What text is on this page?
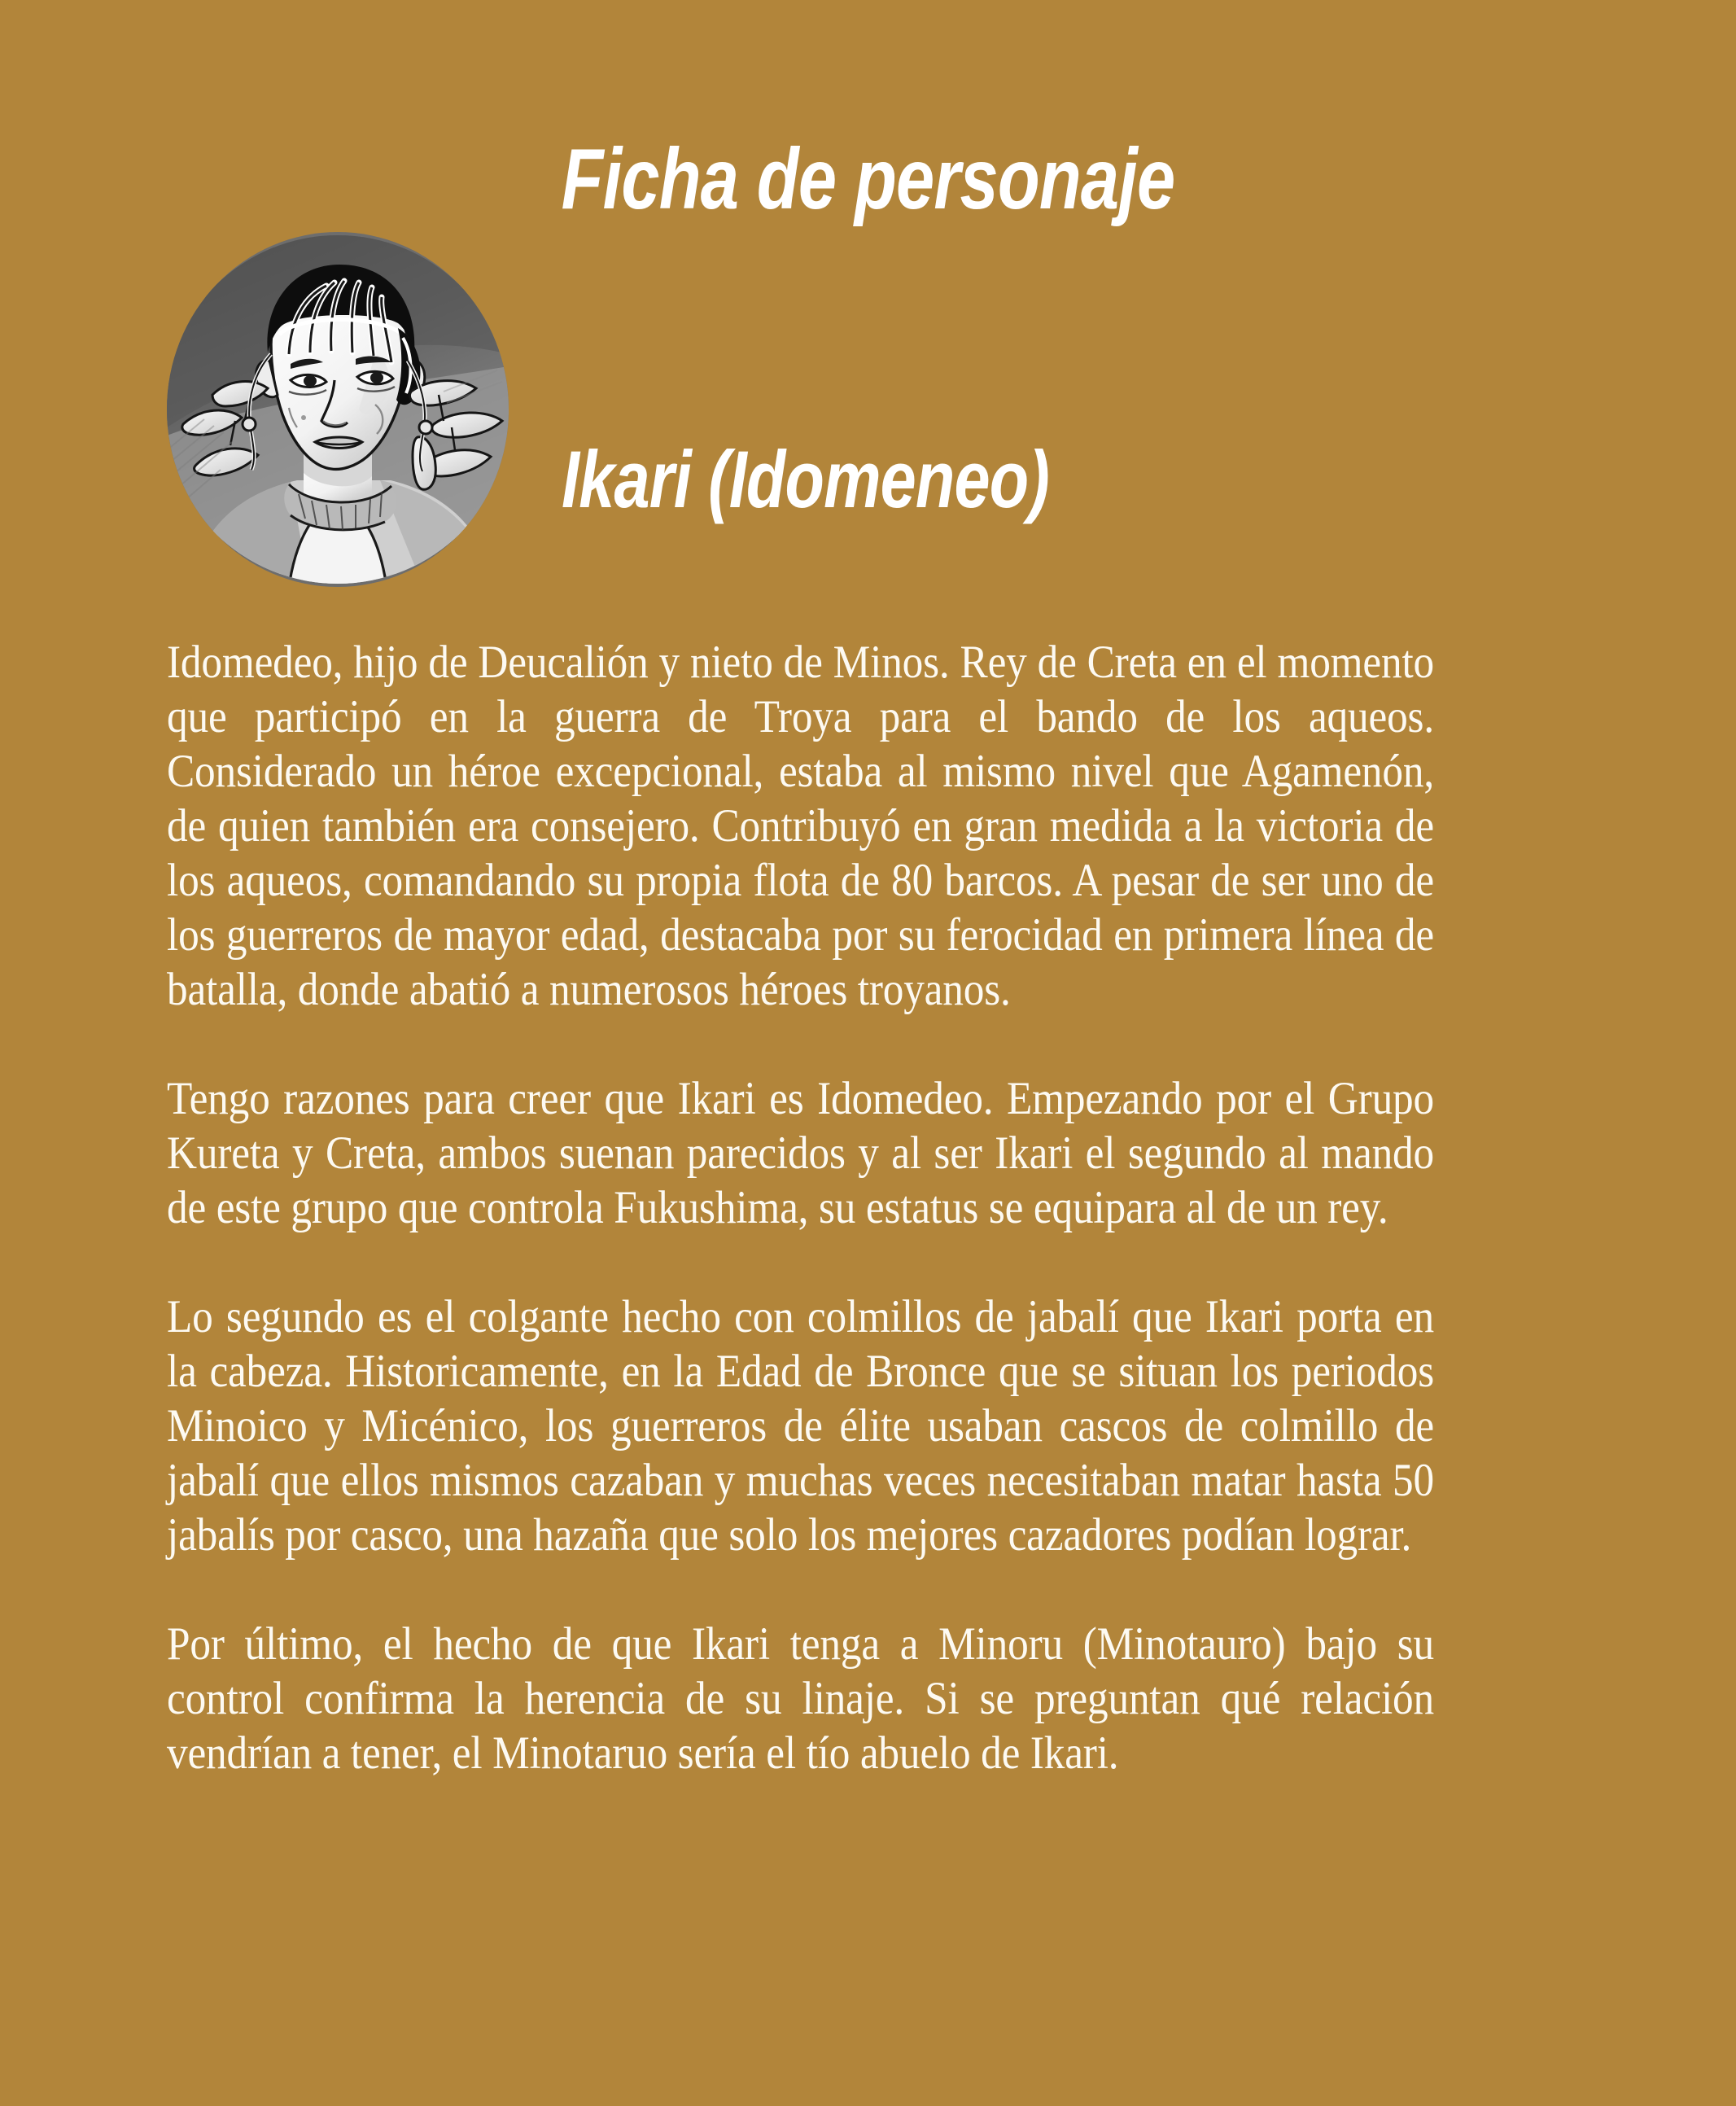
Ficha de personaje
Ikari (Idomeneo)

Idomedeo, hijo de Deucalión y nieto de Minos. Rey de Creta en el momento que participó en la guerra de Troya para el bando de los aqueos. Considerado un héroe excepcional, estaba al mismo nivel que Agamenón, de quien también era consejero. Contribuyó en gran medida a la victoria de los aqueos, comandando su propia flota de 80 barcos. A pesar de ser uno de los guerreros de mayor edad, destacaba por su ferocidad en primera línea de batalla, donde abatió a numerosos héroes troyanos.

Tengo razones para creer que Ikari es Idomedeo. Empezando por el Grupo Kureta y Creta, ambos suenan parecidos y al ser Ikari el segundo al mando de este grupo que controla Fukushima, su estatus se equipara al de un rey.

Lo segundo es el colgante hecho con colmillos de jabalí que Ikari porta en la cabeza. Historicamente, en la Edad de Bronce que se situan los periodos Minoico y Micénico, los guerreros de élite usaban cascos de colmillo de jabalí que ellos mismos cazaban y muchas veces necesitaban matar hasta 50 jabalís por casco, una hazaña que solo los mejores cazadores podían lograr.

Por último, el hecho de que Ikari tenga a Minoru (Minotauro) bajo su control confirma la herencia de su linaje. Si se preguntan qué relación vendrían a tener, el Minotaruo sería el tío abuelo de Ikari.
